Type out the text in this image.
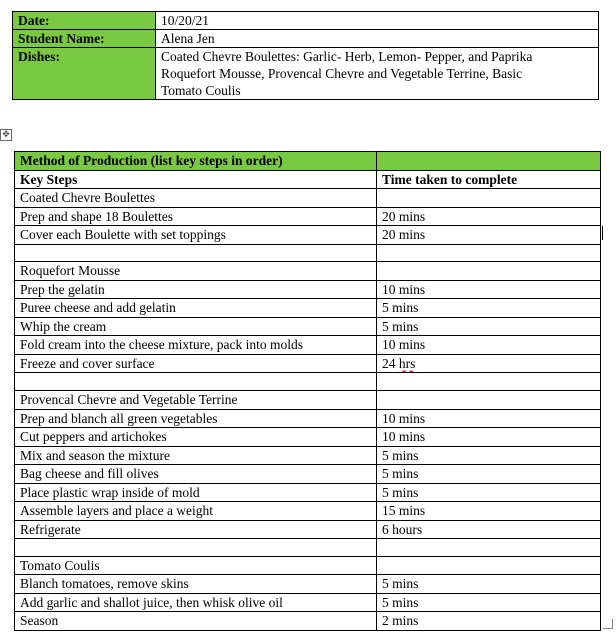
Date:	10/20/21
Student Name:	Alena Jen
Dishes:	Coated Chevre Boulettes: Garlic- Herb, Lemon- Pepper, and Paprika
Roquefort Mousse, Provencal Chevre and Vegetable Terrine, Basic
Tomato Coulis
✥
Method of Production (list key steps in order)	
Key Steps	Time taken to complete
Coated Chevre Boulettes	
Prep and shape 18 Boulettes	20 mins
Cover each Boulette with set toppings	20 mins

Roquefort Mousse	
Prep the gelatin	10 mins
Puree cheese and add gelatin	5 mins
Whip the cream	5 mins
Fold cream into the cheese mixture, pack into molds	10 mins
Freeze and cover surface	24 hrs

Provencal Chevre and Vegetable Terrine	
Prep and blanch all green vegetables	10 mins
Cut peppers and artichokes	10 mins
Mix and season the mixture	5 mins
Bag cheese and fill olives	5 mins
Place plastic wrap inside of mold	5 mins
Assemble layers and place a weight	15 mins
Refrigerate	6 hours

Tomato Coulis	
Blanch tomatoes, remove skins	5 mins
Add garlic and shallot juice, then whisk olive oil	5 mins
Season	2 mins
